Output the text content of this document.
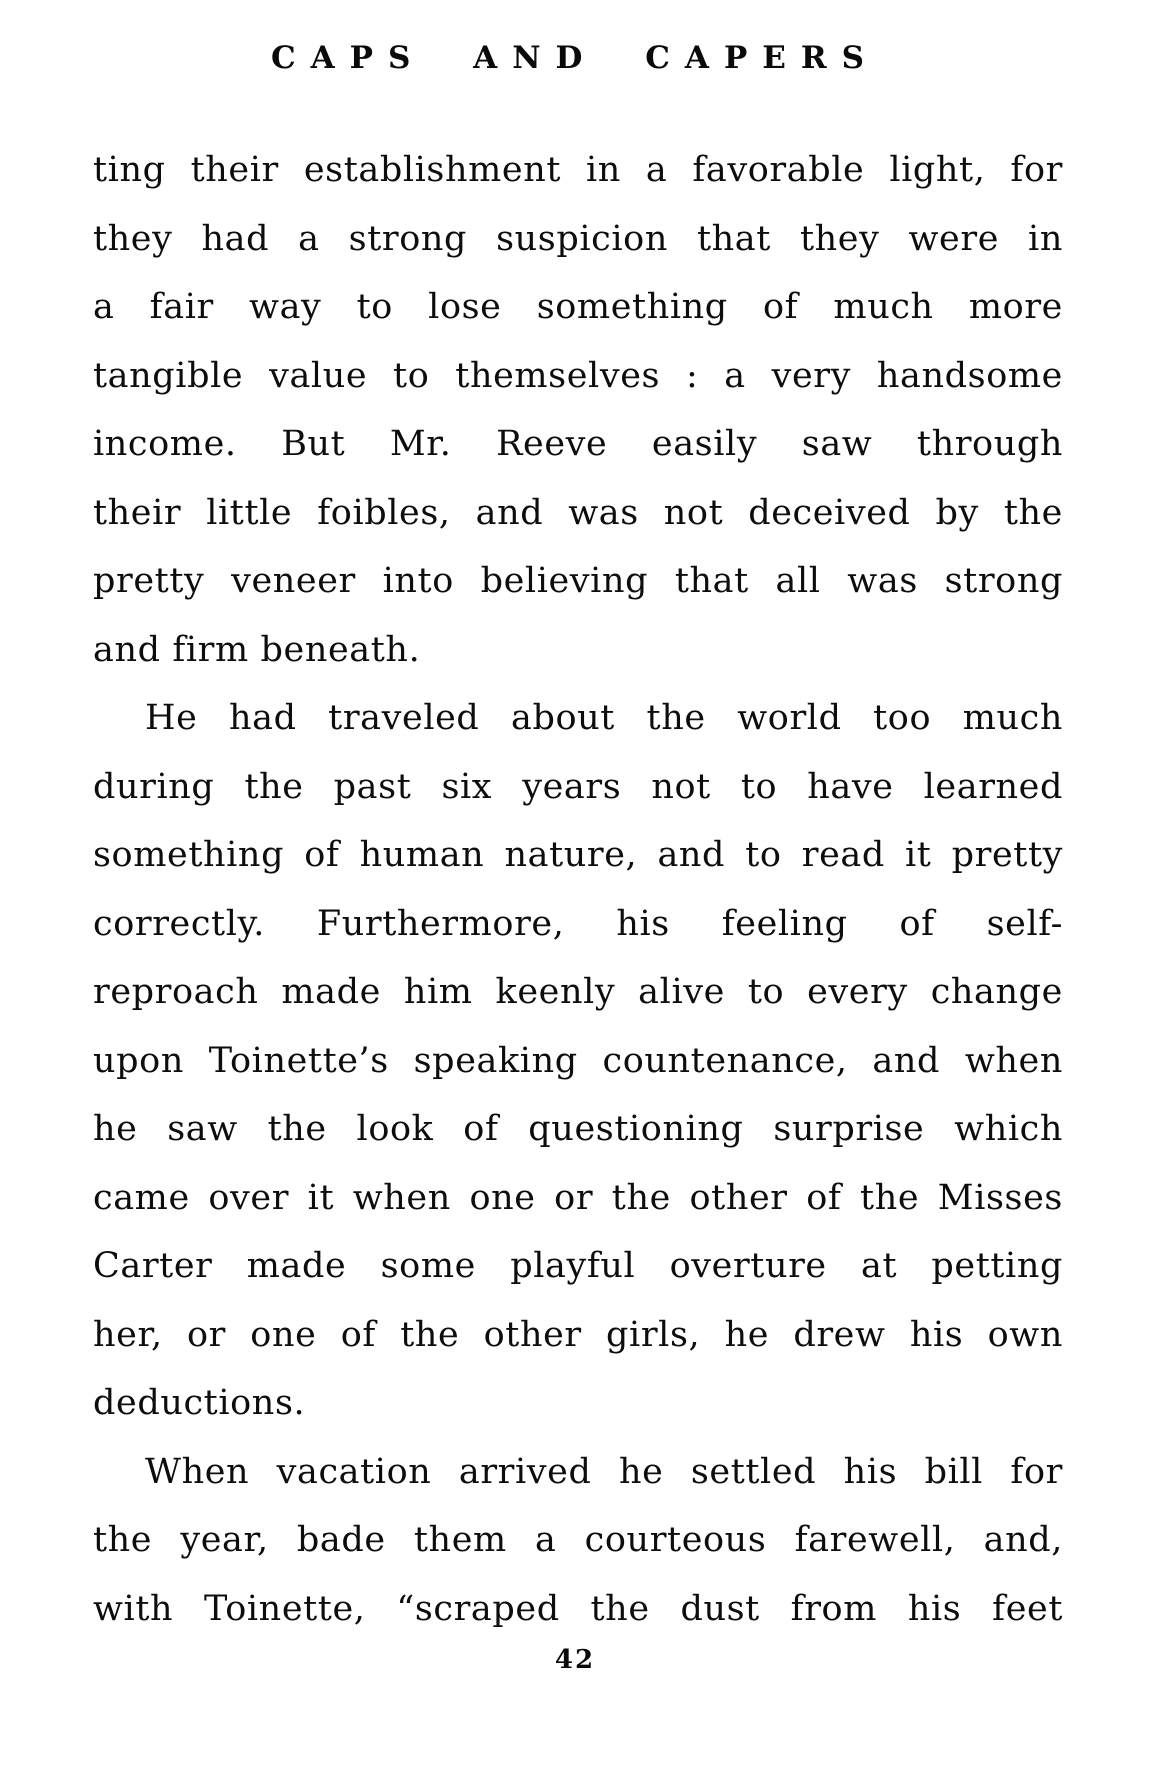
CAPS AND CAPERS
ting their establishment in a favorable light, for
they had a strong suspicion that they were in
a fair way to lose something of much more
tangible value to themselves : a very handsome
income. But Mr. Reeve easily saw through
their little foibles, and was not deceived by the
pretty veneer into believing that all was strong
and firm beneath.
He had traveled about the world too much
during the past six years not to have learned
something of human nature, and to read it pretty
correctly. Furthermore, his feeling of self-
reproach made him keenly alive to every change
upon Toinette’s speaking countenance, and when
he saw the look of questioning surprise which
came over it when one or the other of the Misses
Carter made some playful overture at petting
her, or one of the other girls, he drew his own
deductions.
When vacation arrived he settled his bill for
the year, bade them a courteous farewell, and,
with Toinette, “scraped the dust from his feet
42
